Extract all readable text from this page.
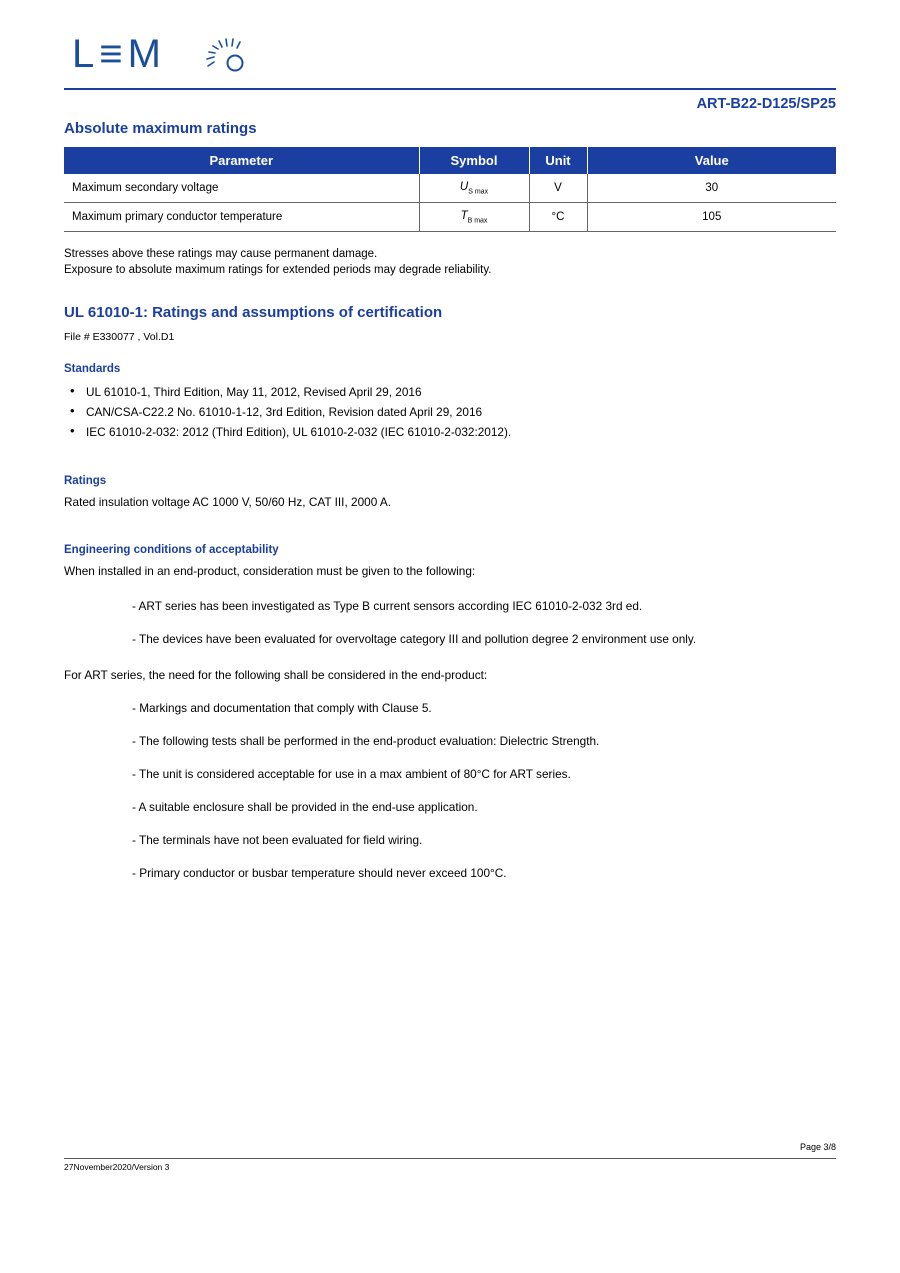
L≡M
ART-B22-D125/SP25
Absolute maximum ratings
Parameter	Symbol	Unit	Value
Maximum secondary voltage	$U_{S max}$	V	30
Maximum primary conductor temperature	$T_{B max}$	°C	105
Stresses above these ratings may cause permanent damage.
Exposure to absolute maximum ratings for extended periods may degrade reliability.
UL 61010-1: Ratings and assumptions of certification

File # E330077 , Vol.D1

Standards
• UL 61010-1, Third Edition, May 11, 2012, Revised April 29, 2016
• CAN/CSA-C22.2 No. 61010-1-12, 3rd Edition, Revision dated April 29, 2016
• IEC 61010-2-032: 2012 (Third Edition), UL 61010-2-032 (IEC 61010-2-032:2012).
Ratings

Rated insulation voltage AC 1000 V, 50/60 Hz, CAT III, 2000 A.

Engineering conditions of acceptability

When installed in an end-product, consideration must be given to the following:

- ART series has been investigated as Type B current sensors according IEC 61010-2-032 3rd ed.

- The devices have been evaluated for overvoltage category III and pollution degree 2 environment use only.

For ART series, the need for the following shall be considered in the end-product:

- Markings and documentation that comply with Clause 5.

- The following tests shall be performed in the end-product evaluation: Dielectric Strength.

- The unit is considered acceptable for use in a max ambient of 80°C for ART series.

- A suitable enclosure shall be provided in the end-use application.

- The terminals have not been evaluated for field wiring.

- Primary conductor or busbar temperature should never exceed 100°C.

Page 3/8
27November2020/Version 3
